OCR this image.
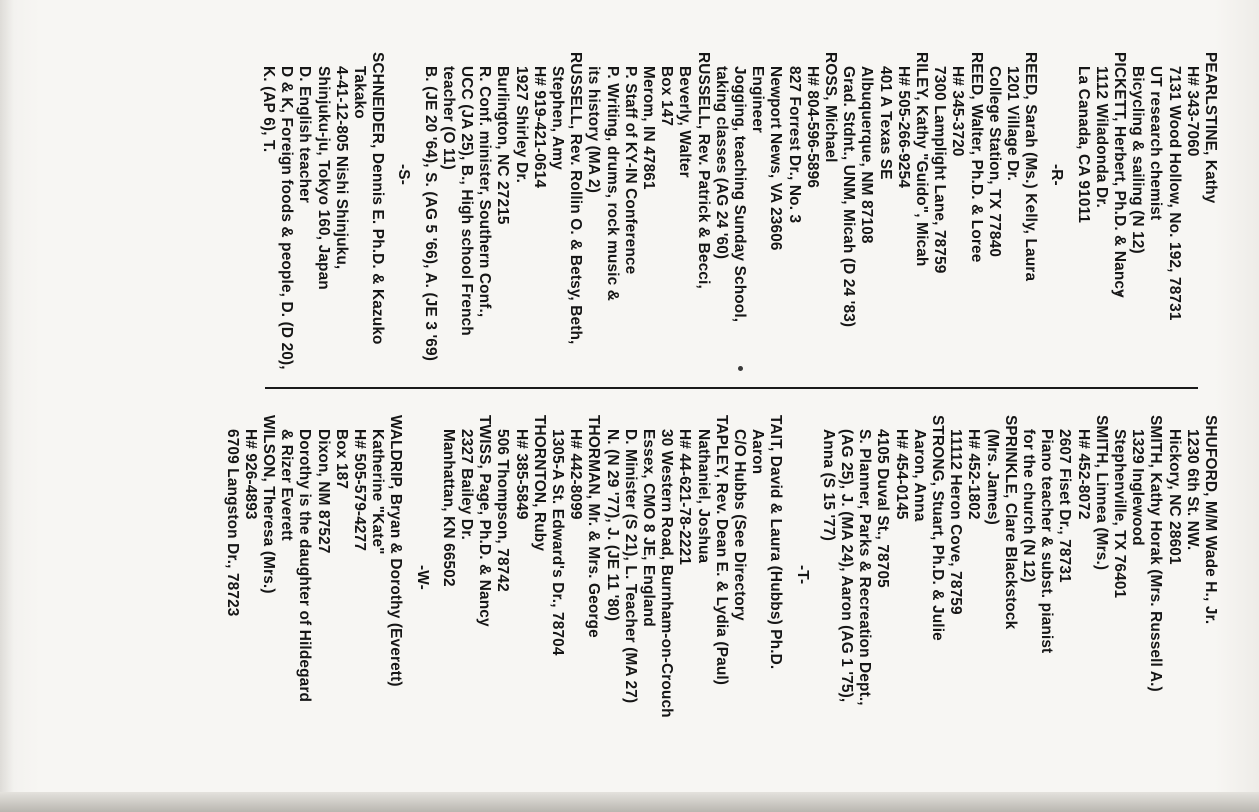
PEARLSTINE, Kathy
H# 343-7060
7131 Wood Hollow, No. 192, 78731
UT research chemist
Bicycling & sailing (N 12)
PICKETT, Herbert, Ph.D. & Nancy
1112 Wiladonda Dr.
La Canada, CA 91011
-R-
REED, Sarah (Ms.) Kelly, Laura
1201 Village Dr.
College Station, TX 77840
REED, Walter, Ph.D. & Loree
H# 345-3720
7300 Lamplight Lane, 78759
RILEY, Kathy "Guido", Micah
H# 505-266-9254
401 A Texas SE
Albuquerque, NM 87108
Grad. Stdnt., UNM, Micah (D 24 '83)
ROSS, Michael
H# 804-596-5896
827 Forrest Dr., No. 3
Newport News, VA 23606
Engineer
Jogging, teaching Sunday School,
taking classes (AG 24 '60)
RUSSELL, Rev. Patrick & Becci,
Beverly, Walter
Box 147
Merom, IN 47861
P. Staff of KY-IN Conference
P. Writing, drums, rock music &
its history (MA 2)
RUSSELL, Rev. Rollin O. & Betsy, Beth,
Stephen, Amy
H# 919-421-0614
1927 Shirley Dr.
Burlington, NC 27215
R. Conf. minister, Southern Conf.,
UCC (JA 25), B., High school French
teacher (O 11)
B. (JE 20 '64), S. (AG 5 '66), A. (JE 3 '69)
-S-
SCHNEIDER, Dennis E. Ph.D. & Kazuko
Takako
4-41-12-805 Nishi Shinjuku,
Shinjuku-ju, Tokyo 160, Japan
D. English teacher
D & K, Foreign foods & people, D. (D 20),
K. (AP 6), T.
SHUFORD, M/M Wade H., Jr.
1230 6th St. NW.
Hickory, NC 28601
SMITH, Kathy Horak (Mrs. Russell A.)
1329 Inglewood
Stephenville, TX 76401
SMITH, Linnea (Mrs.)
H# 452-8072
2607 Fiset Dr., 78731
Piano teacher & subst. pianist
for the church (N 12)
SPRINKLE, Clare Blackstock
(Mrs. James)
H# 452-1802
11112 Heron Cove, 78759
STRONG, Stuart, Ph.D. & Julie
Aaron, Anna
H# 454-0145
4105 Duval St., 78705
S. Planner, Parks & Recreation Dept.,
(AG 25), J. (MA 24), Aaron (AG 1 '75),
Anna (S 15 '77)
-T-
TAIT, David & Laura (Hubbs) Ph.D.
Aaron
C/O Hubbs (See Directory
TAPLEY, Rev. Dean E. & Lydia (Paul)
Nathaniel, Joshua
H# 44-621-78-2221
30 Western Road, Burnham-on-Crouch
Essex, CMO 8 JE, England
D. Minister (S 21), L. Teacher (MA 27)
N. (N 29 '77), J. (JE 11 '80)
THORMAN, Mr. & Mrs. George
H# 442-8099
1305-A St. Edward's Dr., 78704
THORNTON, Ruby
H# 385-5849
506 Thompson, 78742
TWISS, Page, Ph.D. & Nancy
2327 Bailey Dr.
Manhattan, KN 66502
-W-
WALDRIP, Bryan & Dorothy (Everett)
Katherine "Kate"
H# 505-579-4277
Box 187
Dixon, NM 87527
Dorothy is the daughter of Hildegard
& Rizer Everett
WILSON, Theresa (Mrs.)
H# 926-4893
6709 Langston Dr., 78723
